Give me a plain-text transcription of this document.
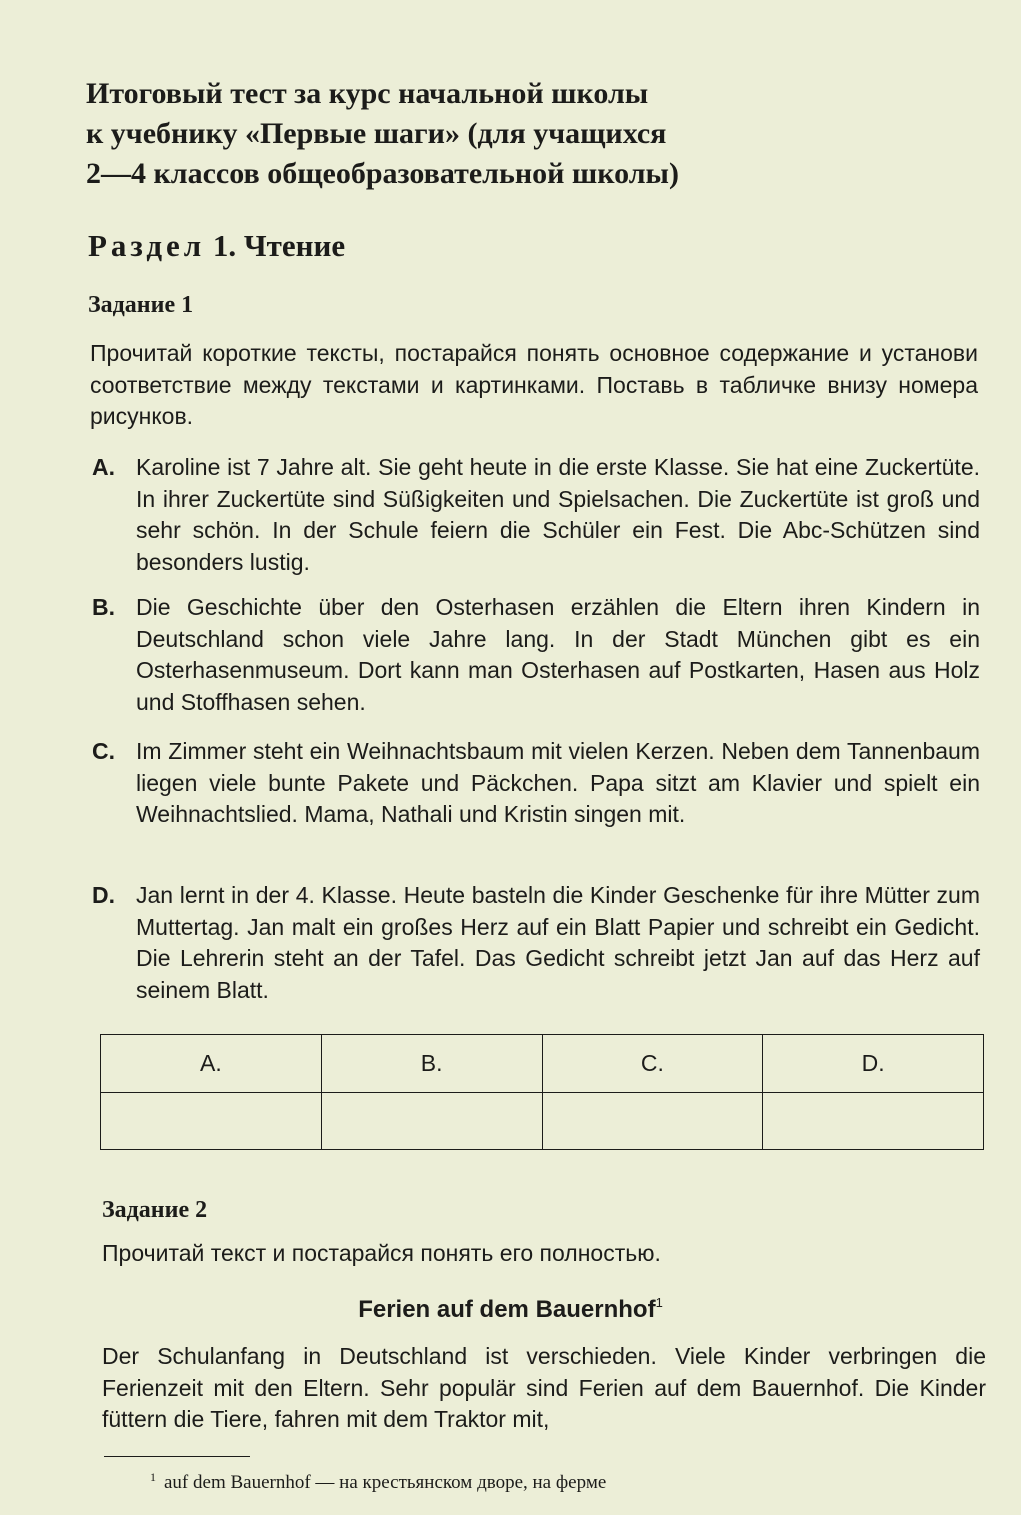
Итоговый тест за курс начальной школы
к учебнику «Первые шаги» (для учащихся
2—4 классов общеобразовательной школы)
Раздел 1. Чтение
Задание 1

Прочитай короткие тексты, постарайся понять основное содержание и установи соответствие между текстами и картинками. Поставь в табличке внизу номера рисунков.

A. Karoline ist 7 Jahre alt. Sie geht heute in die erste Klasse. Sie hat eine Zuckertüte. In ihrer Zuckertüte sind Süßigkeiten und Spielsachen. Die Zuckertüte ist groß und sehr schön. In der Schule feiern die Schüler ein Fest. Die Abc-Schützen sind besonders lustig.
B. Die Geschichte über den Osterhasen erzählen die Eltern ihren Kindern in Deutschland schon viele Jahre lang. In der Stadt München gibt es ein Osterhasenmuseum. Dort kann man Osterhasen auf Postkarten, Hasen aus Holz und Stoffhasen sehen.
C. Im Zimmer steht ein Weihnachtsbaum mit vielen Kerzen. Neben dem Tannenbaum liegen viele bunte Pakete und Päckchen. Papa sitzt am Klavier und spielt ein Weihnachtslied. Mama, Nathali und Kristin singen mit.
D. Jan lernt in der 4. Klasse. Heute basteln die Kinder Geschenke für ihre Mütter zum Muttertag. Jan malt ein großes Herz auf ein Blatt Papier und schreibt ein Gedicht. Die Lehrerin steht an der Tafel. Das Gedicht schreibt jetzt Jan auf das Herz auf seinem Blatt.
A.	B.	C.	D.

Задание 2

Прочитай текст и постарайся понять его полностью.

Ferien auf dem Bauernhof$^1$

Der Schulanfang in Deutschland ist verschieden. Viele Kinder verbringen die Ferienzeit mit den Eltern. Sehr populär sind Ferien auf dem Bauernhof. Die Kinder füttern die Tiere, fahren mit dem Traktor mit,

$^1$ auf dem Bauernhof — на крестьянском дворе, на ферме
